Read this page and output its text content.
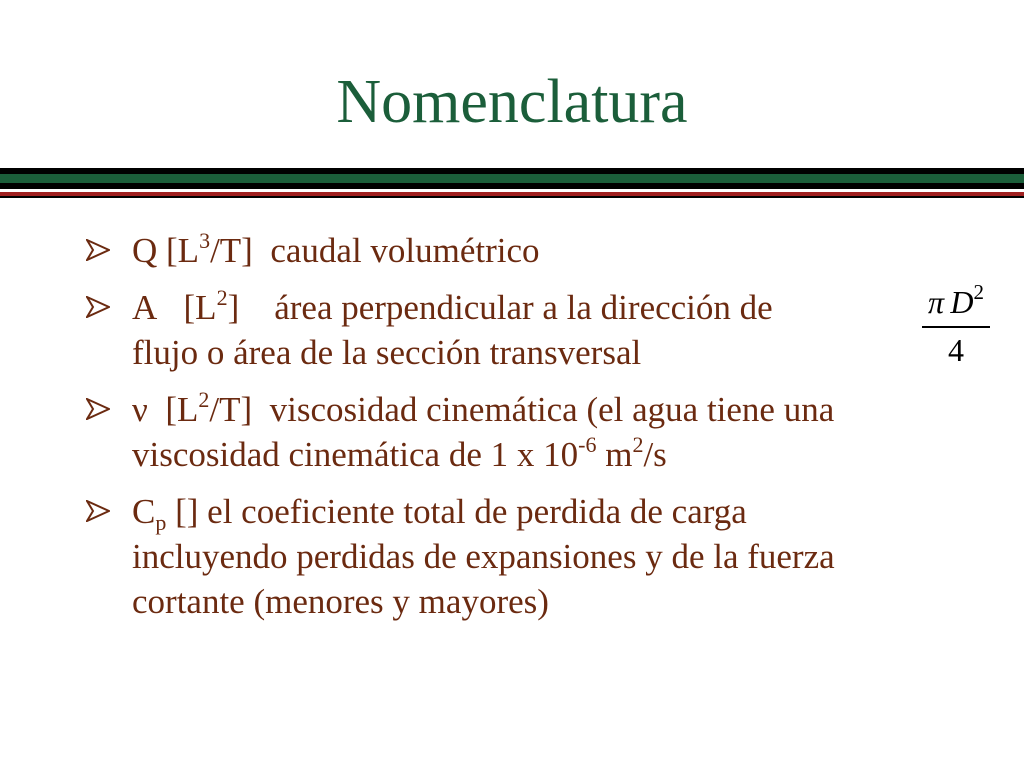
Nomenclatura
Q $[L^3/T]$ caudal volumétrico
A $[L^2]$ área perpendicular a la dirección de
flujo o área de la sección transversal
ν $[L^2/T]$ viscosidad cinemática (el agua tiene una
viscosidad cinemática de 1 x $10^{-6}$ $m^2/s$
$C_p$ [] el coeficiente total de perdida de carga
incluyendo perdidas de expansiones y de la fuerza
cortante (menores y mayores)
π  $D^2$
4
